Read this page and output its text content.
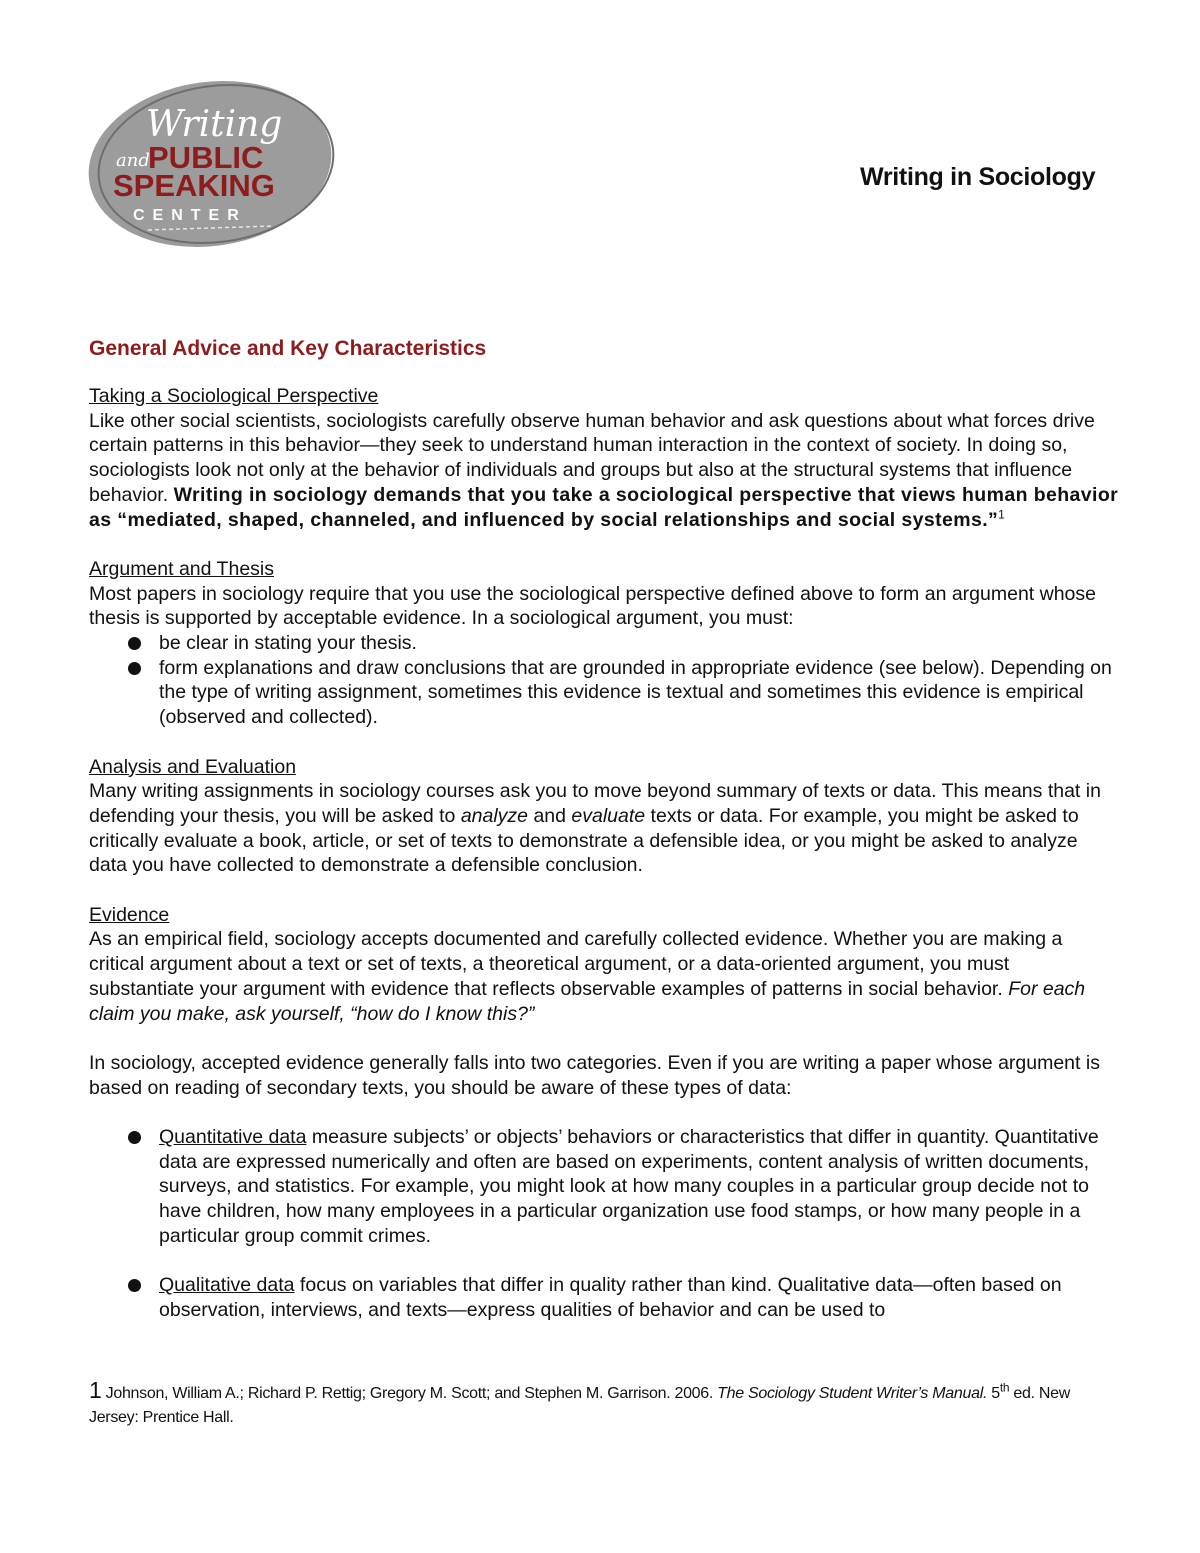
Writing
and
PUBLIC
SPEAKING
CENTER
Writing in Sociology
General Advice and Key Characteristics
Taking a Sociological Perspective

Like other social scientists, sociologists carefully observe human behavior and ask questions about what forces drive certain patterns in this behavior—they seek to understand human interaction in the context of society. In doing so, sociologists look not only at the behavior of individuals and groups but also at the structural systems that influence behavior. Writing in sociology demands that you take a sociological perspective that views human behavior as “mediated, shaped, channeled, and influenced by social relationships and social systems.”$^1$

Argument and Thesis

Most papers in sociology require that you use the sociological perspective defined above to form an argument whose thesis is supported by acceptable evidence. In a sociological argument, you must:

be clear in stating your thesis.
form explanations and draw conclusions that are grounded in appropriate evidence (see below). Depending on the type of writing assignment, sometimes this evidence is textual and sometimes this evidence is empirical (observed and collected).
Analysis and Evaluation

Many writing assignments in sociology courses ask you to move beyond summary of texts or data. This means that in defending your thesis, you will be asked to analyze and evaluate texts or data. For example, you might be asked to critically evaluate a book, article, or set of texts to demonstrate a defensible idea, or you might be asked to analyze data you have collected to demonstrate a defensible conclusion.

Evidence

As an empirical field, sociology accepts documented and carefully collected evidence. Whether you are making a critical argument about a text or set of texts, a theoretical argument, or a data-oriented argument, you must substantiate your argument with evidence that reflects observable examples of patterns in social behavior. For each claim you make, ask yourself, “how do I know this?”

In sociology, accepted evidence generally falls into two categories. Even if you are writing a paper whose argument is based on reading of secondary texts, you should be aware of these types of data:

Quantitative data measure subjects’ or objects’ behaviors or characteristics that differ in quantity. Quantitative data are expressed numerically and often are based on experiments, content analysis of written documents, surveys, and statistics. For example, you might look at how many couples in a particular group decide not to have children, how many employees in a particular organization use food stamps, or how many people in a particular group commit crimes.
Qualitative data focus on variables that differ in quality rather than kind. Qualitative data—often based on observation, interviews, and texts—express qualities of behavior and can be used to
1 Johnson, William A.; Richard P. Rettig; Gregory M. Scott; and Stephen M. Garrison. 2006. The Sociology Student Writer’s Manual. 5th ed. New Jersey: Prentice Hall.
